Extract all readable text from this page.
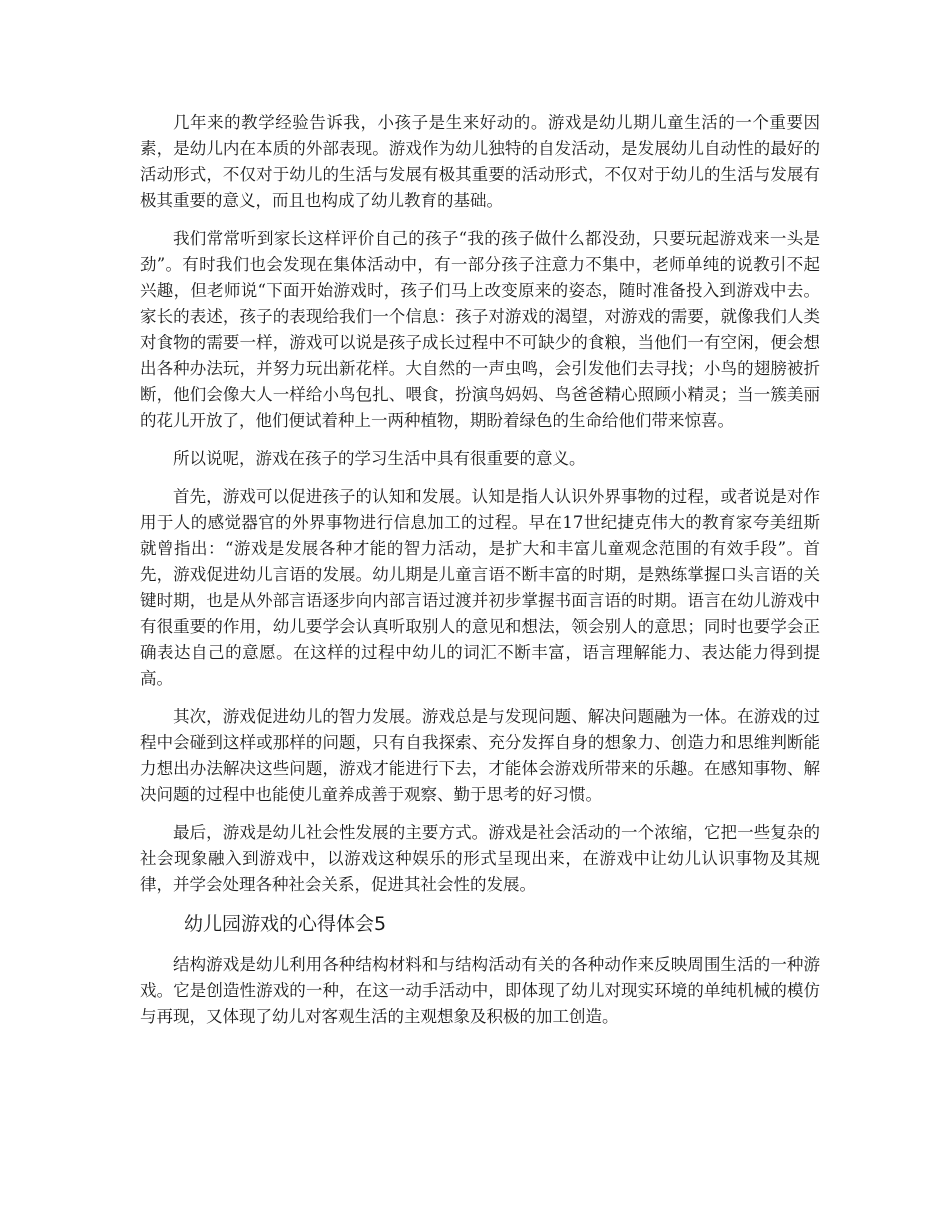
几年来的教学经验告诉我，小孩子是生来好动的。游戏是幼儿期儿童生活的一个重要因素，是幼儿内在本质的外部表现。游戏作为幼儿独特的自发活动，是发展幼儿自动性的最好的活动形式，不仅对于幼儿的生活与发展有极其重要的活动形式，不仅对于幼儿的生活与发展有极其重要的意义，而且也构成了幼儿教育的基础。

我们常常听到家长这样评价自己的孩子“我的孩子做什么都没劲，只要玩起游戏来一头是劲”。有时我们也会发现在集体活动中，有一部分孩子注意力不集中，老师单纯的说教引不起兴趣，但老师说“下面开始游戏时，孩子们马上改变原来的姿态，随时准备投入到游戏中去。家长的表述，孩子的表现给我们一个信息：孩子对游戏的渴望，对游戏的需要，就像我们人类对食物的需要一样，游戏可以说是孩子成长过程中不可缺少的食粮，当他们一有空闲，便会想出各种办法玩，并努力玩出新花样。大自然的一声虫鸣，会引发他们去寻找；小鸟的翅膀被折断，他们会像大人一样给小鸟包扎、喂食，扮演鸟妈妈、鸟爸爸精心照顾小精灵；当一簇美丽的花儿开放了，他们便试着种上一两种植物，期盼着绿色的生命给他们带来惊喜。

所以说呢，游戏在孩子的学习生活中具有很重要的意义。

首先，游戏可以促进孩子的认知和发展。认知是指人认识外界事物的过程，或者说是对作用于人的感觉器官的外界事物进行信息加工的过程。早在17世纪捷克伟大的教育家夸美纽斯就曾指出：“游戏是发展各种才能的智力活动，是扩大和丰富儿童观念范围的有效手段”。首先，游戏促进幼儿言语的发展。幼儿期是儿童言语不断丰富的时期，是熟练掌握口头言语的关键时期，也是从外部言语逐步向内部言语过渡并初步掌握书面言语的时期。语言在幼儿游戏中有很重要的作用，幼儿要学会认真听取别人的意见和想法，领会别人的意思；同时也要学会正确表达自己的意愿。在这样的过程中幼儿的词汇不断丰富，语言理解能力、表达能力得到提高。

其次，游戏促进幼儿的智力发展。游戏总是与发现问题、解决问题融为一体。在游戏的过程中会碰到这样或那样的问题，只有自我探索、充分发挥自身的想象力、创造力和思维判断能力想出办法解决这些问题，游戏才能进行下去，才能体会游戏所带来的乐趣。在感知事物、解决问题的过程中也能使儿童养成善于观察、勤于思考的好习惯。

最后，游戏是幼儿社会性发展的主要方式。游戏是社会活动的一个浓缩，它把一些复杂的社会现象融入到游戏中，以游戏这种娱乐的形式呈现出来，在游戏中让幼儿认识事物及其规律，并学会处理各种社会关系，促进其社会性的发展。

幼儿园游戏的心得体会5

结构游戏是幼儿利用各种结构材料和与结构活动有关的各种动作来反映周围生活的一种游戏。它是创造性游戏的一种，在这一动手活动中，即体现了幼儿对现实环境的单纯机械的模仿与再现，又体现了幼儿对客观生活的主观想象及积极的加工创造。
